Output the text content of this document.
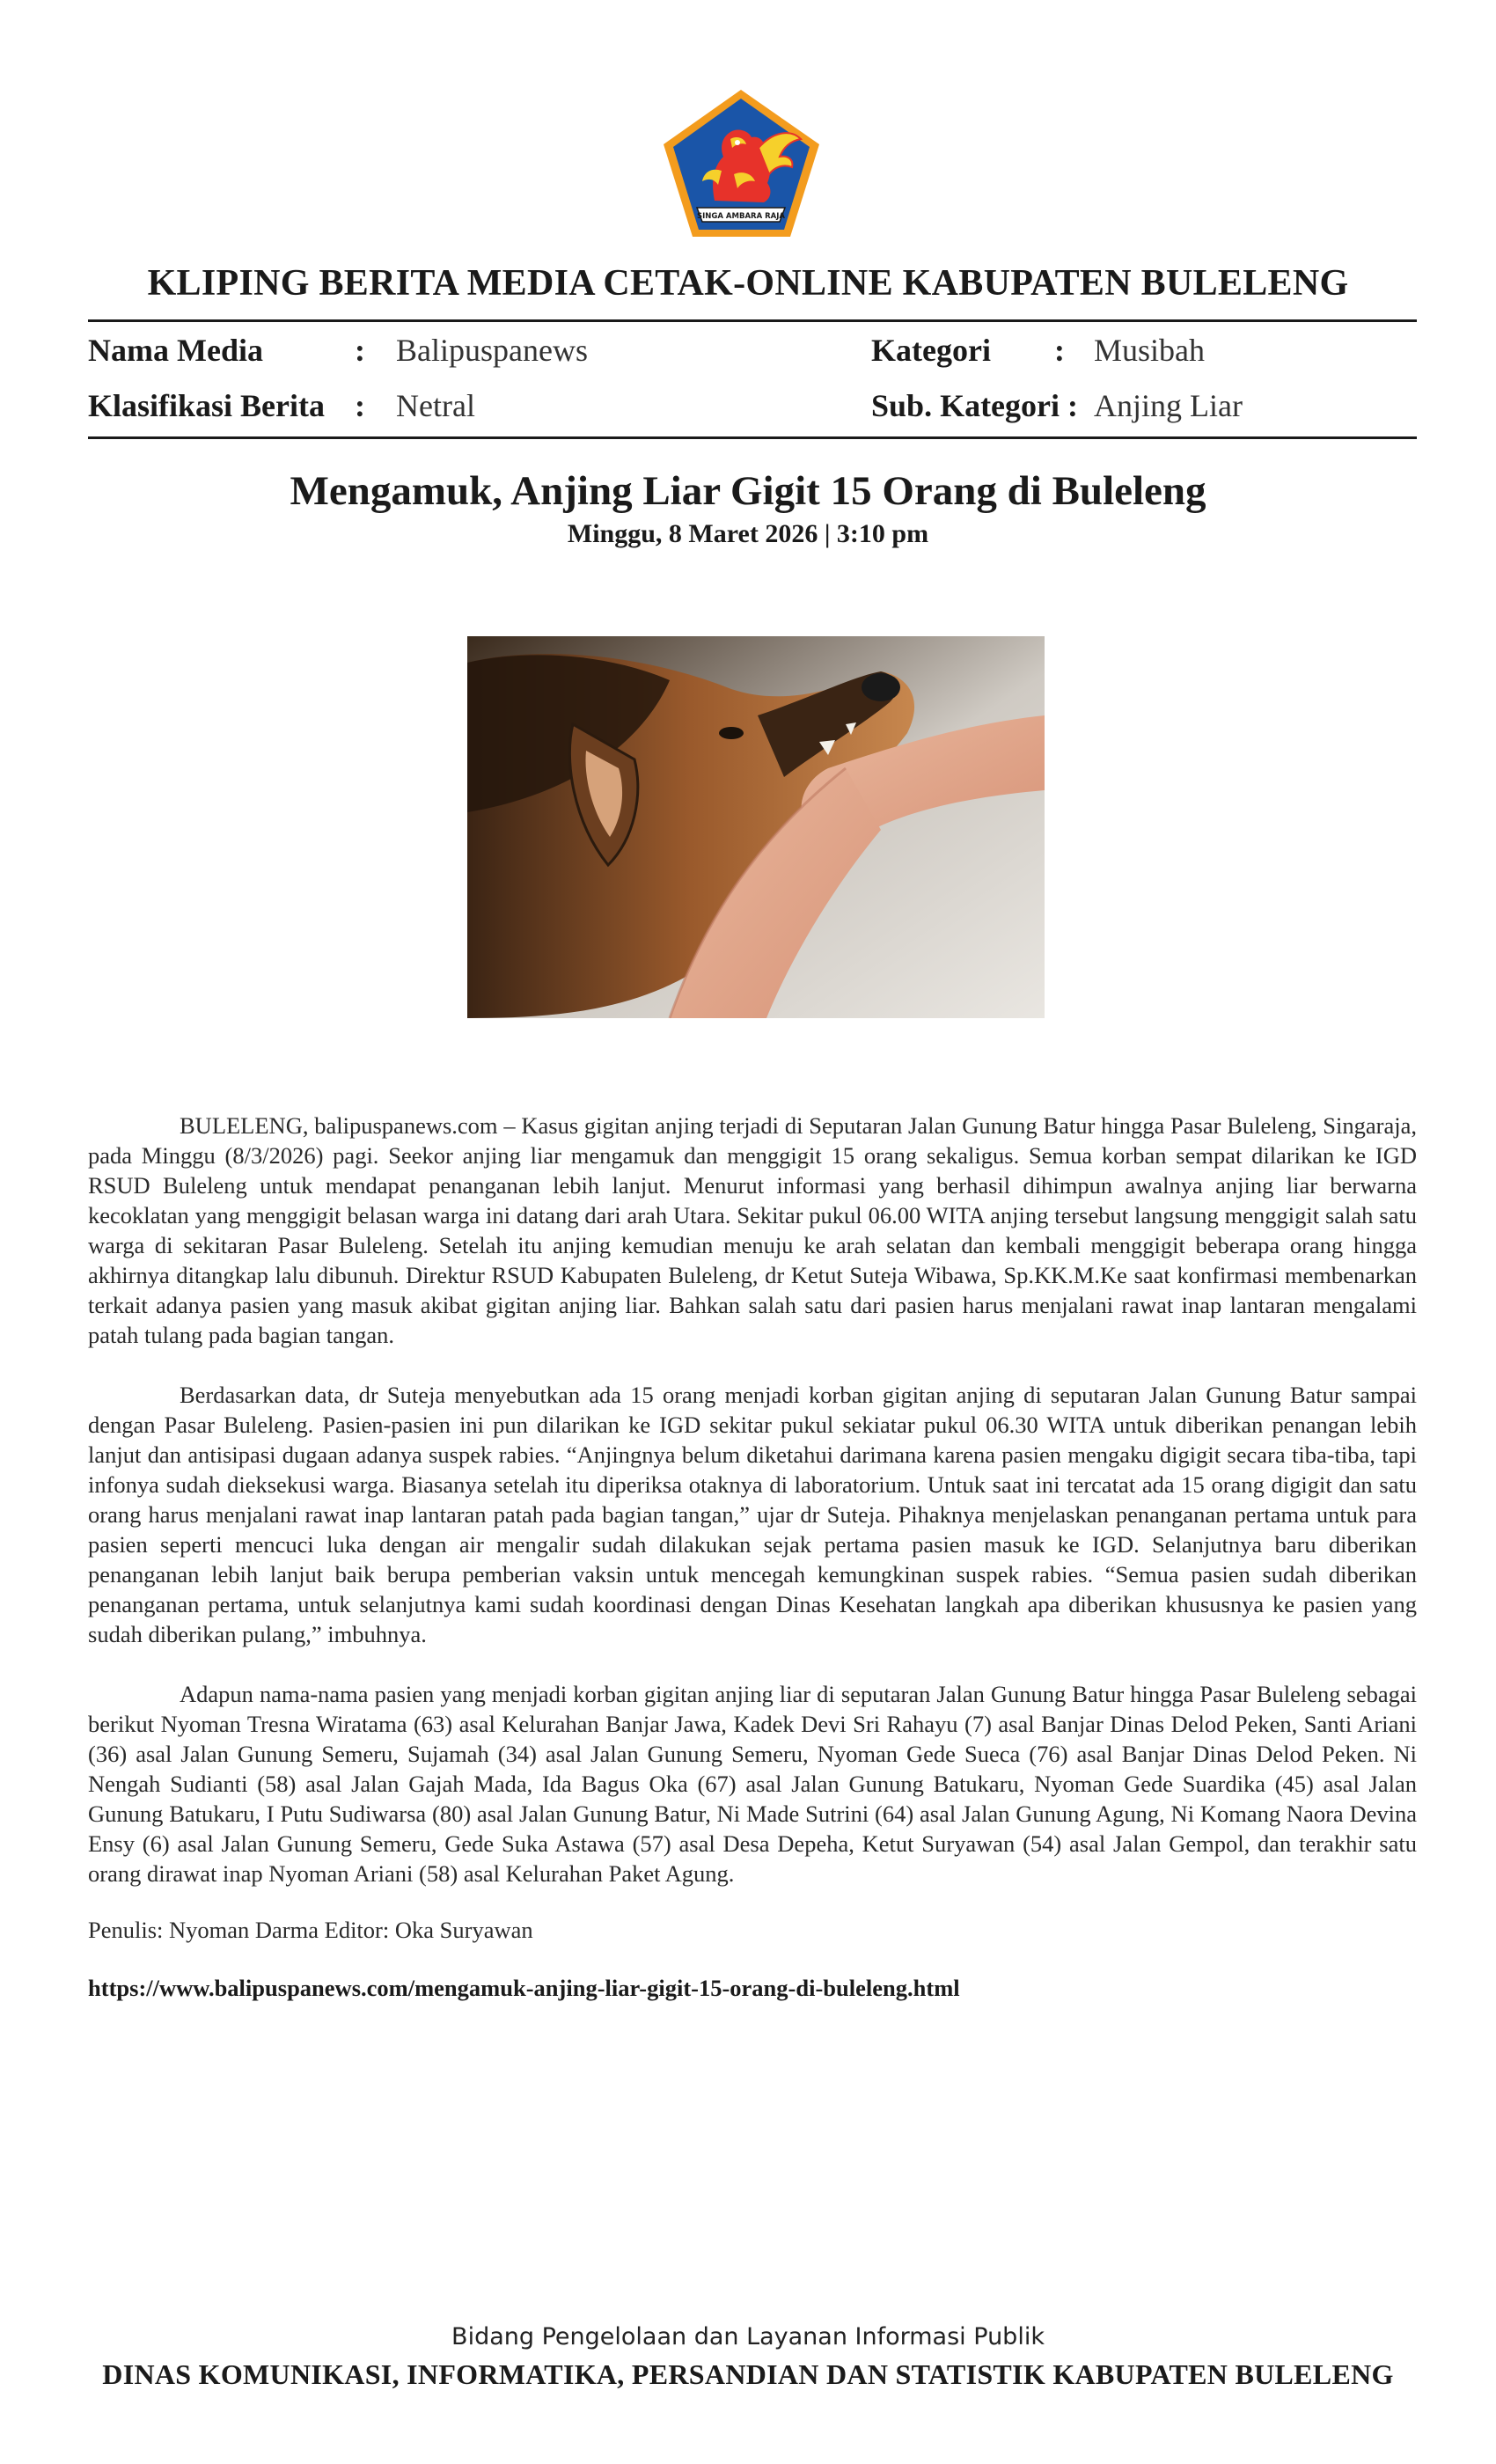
SINGA AMBARA RAJA
KLIPING BERITA MEDIA CETAK-ONLINE KABUPATEN BULELENG
Nama Media	: Balipuspanews	Kategori : Musibah
Klasifikasi Berita : Netral	Sub. Kategori : Anjing Liar
Mengamuk, Anjing Liar Gigit 15 Orang di Buleleng
Minggu, 8 Maret 2026 | 3:10 pm

BULELENG, balipuspanews.com – Kasus gigitan anjing terjadi di Seputaran Jalan Gunung Batur hingga Pasar Buleleng, Singaraja, pada Minggu (8/3/2026) pagi. Seekor anjing liar mengamuk dan menggigit 15 orang sekaligus. Semua korban sempat dilarikan ke IGD RSUD Buleleng untuk mendapat penanganan lebih lanjut. Menurut informasi yang berhasil dihimpun awalnya anjing liar berwarna kecoklatan yang menggigit belasan warga ini datang dari arah Utara. Sekitar pukul 06.00 WITA anjing tersebut langsung menggigit salah satu warga di sekitaran Pasar Buleleng. Setelah itu anjing kemudian menuju ke arah selatan dan kembali menggigit beberapa orang hingga akhirnya ditangkap lalu dibunuh. Direktur RSUD Kabupaten Buleleng, dr Ketut Suteja Wibawa, Sp.KK.M.Ke saat konfirmasi membenarkan terkait adanya pasien yang masuk akibat gigitan anjing liar. Bahkan salah satu dari pasien harus menjalani rawat inap lantaran mengalami patah tulang pada bagian tangan.

Berdasarkan data, dr Suteja menyebutkan ada 15 orang menjadi korban gigitan anjing di seputaran Jalan Gunung Batur sampai dengan Pasar Buleleng. Pasien-pasien ini pun dilarikan ke IGD sekitar pukul sekiatar pukul 06.30 WITA untuk diberikan penangan lebih lanjut dan antisipasi dugaan adanya suspek rabies. “Anjingnya belum diketahui darimana karena pasien mengaku digigit secara tiba-tiba, tapi infonya sudah dieksekusi warga. Biasanya setelah itu diperiksa otaknya di laboratorium. Untuk saat ini tercatat ada 15 orang digigit dan satu orang harus menjalani rawat inap lantaran patah pada bagian tangan,” ujar dr Suteja. Pihaknya menjelaskan penanganan pertama untuk para pasien seperti mencuci luka dengan air mengalir sudah dilakukan sejak pertama pasien masuk ke IGD. Selanjutnya baru diberikan penanganan lebih lanjut baik berupa pemberian vaksin untuk mencegah kemungkinan suspek rabies. “Semua pasien sudah diberikan penanganan pertama, untuk selanjutnya kami sudah koordinasi dengan Dinas Kesehatan langkah apa diberikan khususnya ke pasien yang sudah diberikan pulang,” imbuhnya.

Adapun nama-nama pasien yang menjadi korban gigitan anjing liar di seputaran Jalan Gunung Batur hingga Pasar Buleleng sebagai berikut Nyoman Tresna Wiratama (63) asal Kelurahan Banjar Jawa, Kadek Devi Sri Rahayu (7) asal Banjar Dinas Delod Peken, Santi Ariani (36) asal Jalan Gunung Semeru, Sujamah (34) asal Jalan Gunung Semeru, Nyoman Gede Sueca (76) asal Banjar Dinas Delod Peken. Ni Nengah Sudianti (58) asal Jalan Gajah Mada, Ida Bagus Oka (67) asal Jalan Gunung Batukaru, Nyoman Gede Suardika (45) asal Jalan Gunung Batukaru, I Putu Sudiwarsa (80) asal Jalan Gunung Batur, Ni Made Sutrini (64) asal Jalan Gunung Agung, Ni Komang Naora Devina Ensy (6) asal Jalan Gunung Semeru, Gede Suka Astawa (57) asal Desa Depeha, Ketut Suryawan (54) asal Jalan Gempol, dan terakhir satu orang dirawat inap Nyoman Ariani (58) asal Kelurahan Paket Agung.

Penulis: Nyoman Darma Editor: Oka Suryawan
https://www.balipuspanews.com/mengamuk-anjing-liar-gigit-15-orang-di-buleleng.html
Bidang Pengelolaan dan Layanan Informasi Publik
DINAS KOMUNIKASI, INFORMATIKA, PERSANDIAN DAN STATISTIK KABUPATEN BULELENG
